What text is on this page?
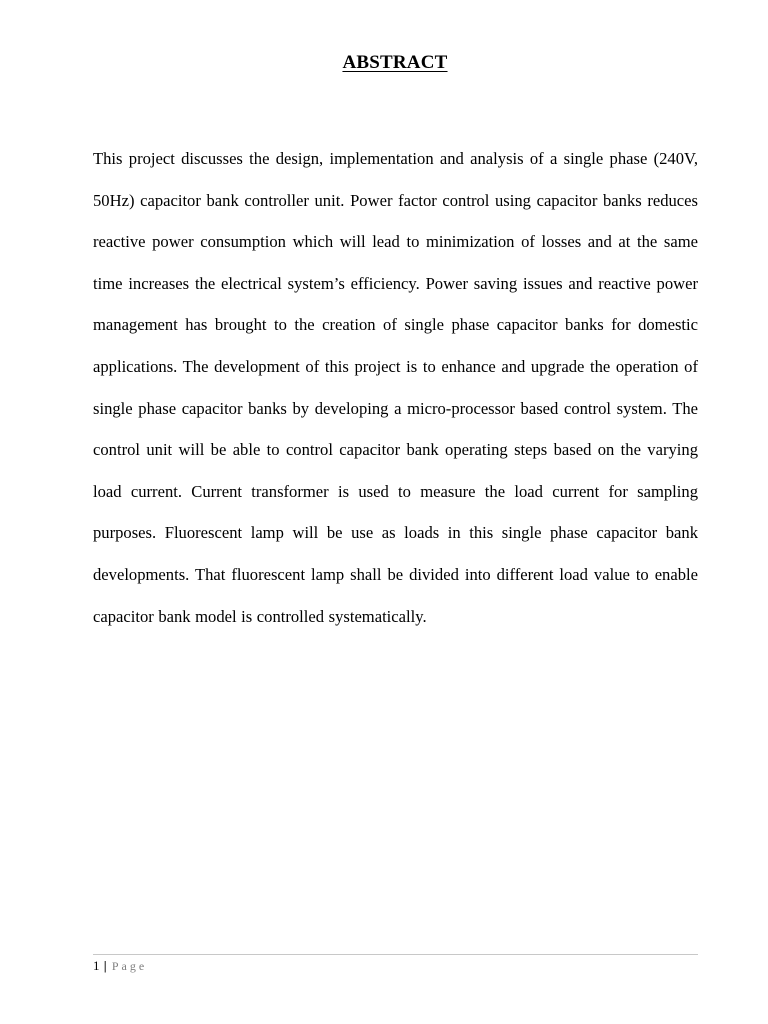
ABSTRACT

This project discusses the design, implementation and analysis of a single phase (240V, 50Hz) capacitor bank controller unit. Power factor control using capacitor banks reduces reactive power consumption which will lead to minimization of losses and at the same time increases the electrical system’s efficiency. Power saving issues and reactive power management has brought to the creation of single phase capacitor banks for domestic applications. The development of this project is to enhance and upgrade the operation of single phase capacitor banks by developing a micro-processor based control system. The control unit will be able to control capacitor bank operating steps based on the varying load current. Current transformer is used to measure the load current for sampling purposes. Fluorescent lamp will be use as loads in this single phase capacitor bank developments. That fluorescent lamp shall be divided into different load value to enable capacitor bank model is controlled systematically.

1 | Page
